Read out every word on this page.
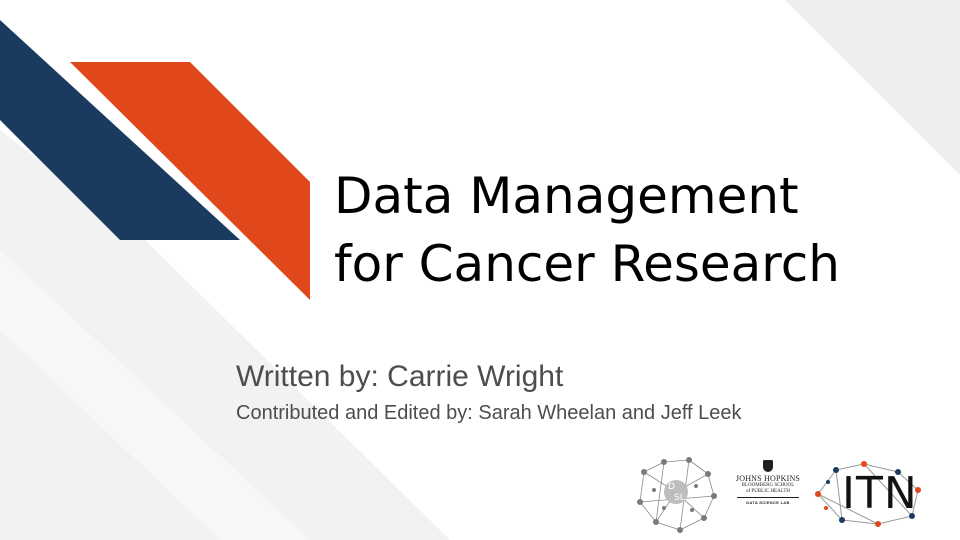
Data Management
for Cancer Research
Written by: Carrie Wright
Contributed and Edited by: Sarah Wheelan and Jeff Leek
D
SL
JOHNS HOPKINS
BLOOMBERG SCHOOL
of PUBLIC HEALTH
DATA SCIENCE LAB	ITN
